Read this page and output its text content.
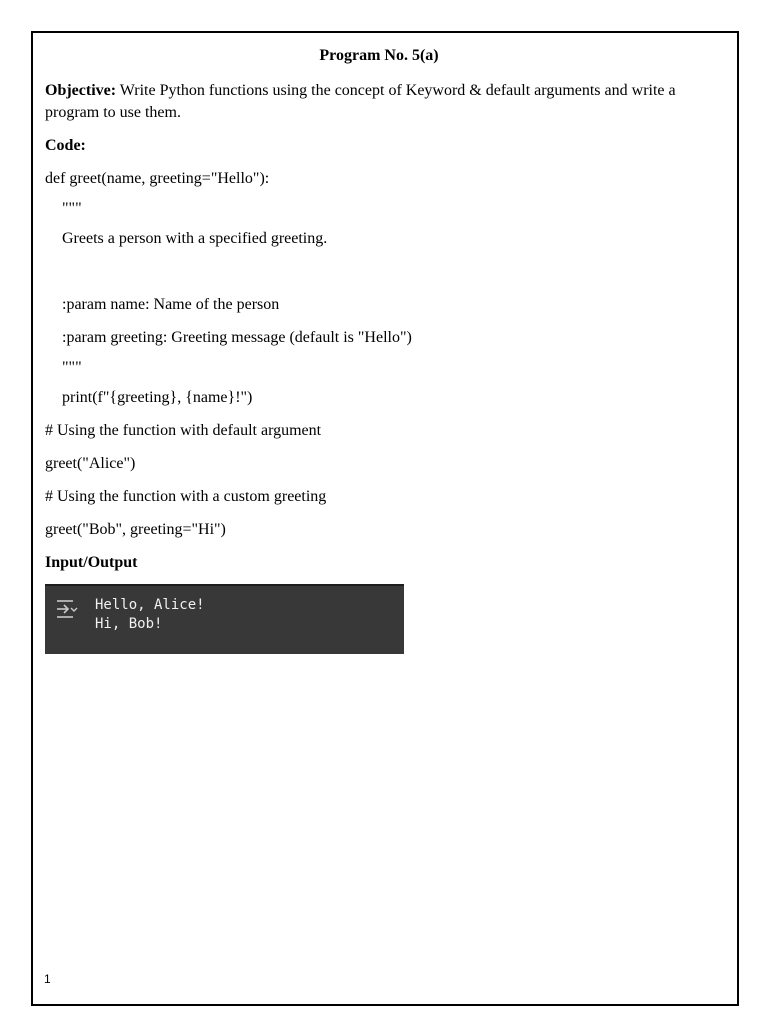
Program No. 5(a)

Objective: Write Python functions using the concept of Keyword & default arguments and write a program to use them.

Code:
def greet(name, greeting="Hello"):
"""
Greets a person with a specified greeting.
:param name: Name of the person
:param greeting: Greeting message (default is "Hello")
"""
print(f"{greeting}, {name}!")
# Using the function with default argument
greet("Alice")
# Using the function with a custom greeting
greet("Bob", greeting="Hi")
Input/Output
Hello, Alice!
Hi, Bob!
1
